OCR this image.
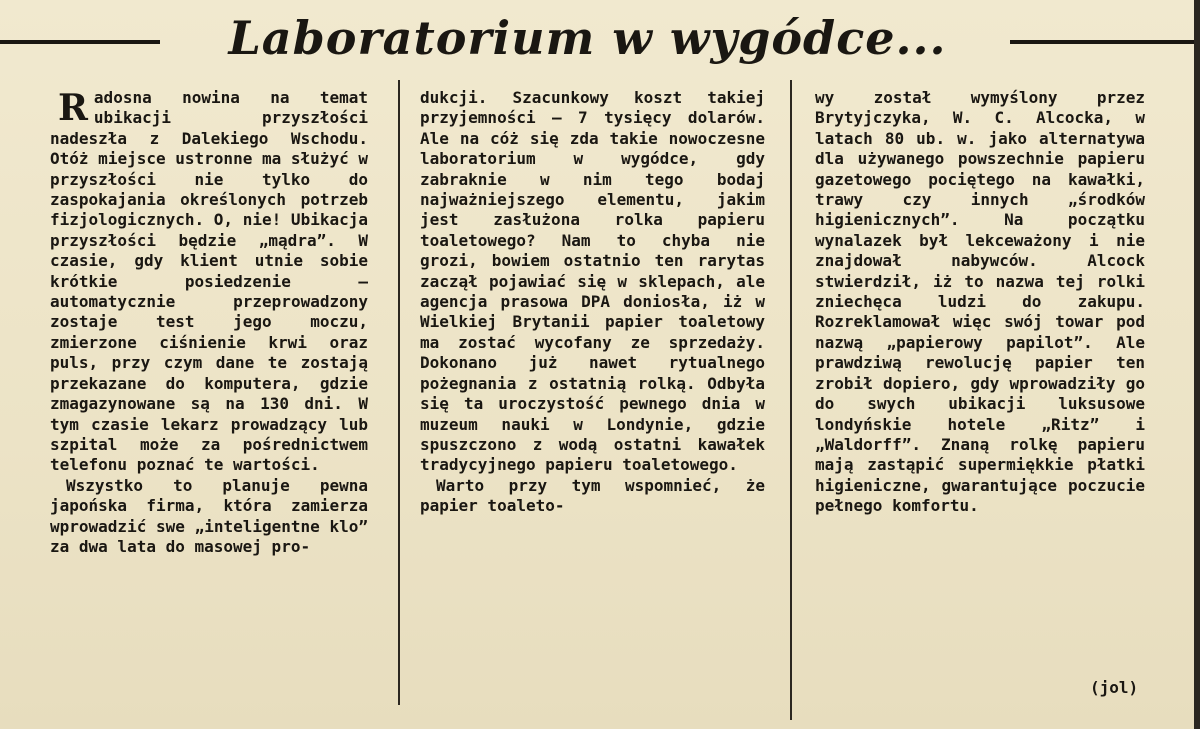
Laboratorium w wygódce...

Radosna nowina na temat ubikacji przyszłości nadeszła z Dalekiego Wschodu. Otóż miejsce ustronne ma służyć w przyszłości nie tylko do zaspokajania określonych potrzeb fizjologicznych. O, nie! Ubikacja przyszłości będzie „mądra”. W czasie, gdy klient utnie sobie krótkie posiedzenie — automatycznie przeprowadzony zostaje test jego moczu, zmierzone ciśnienie krwi oraz puls, przy czym dane te zostają przekazane do komputera, gdzie zmagazynowane są na 130 dni. W tym czasie lekarz prowadzący lub szpital może za pośrednictwem telefonu poznać te wartości.

Wszystko to planuje pewna japońska firma, która zamierza wprowadzić swe „inteligentne klo” za dwa lata do masowej pro-

dukcji. Szacunkowy koszt takiej przyjemności — 7 tysięcy dolarów. Ale na cóż się zda takie nowoczesne laboratorium w wygódce, gdy zabraknie w nim tego bodaj najważniejszego elementu, jakim jest zasłużona rolka papieru toaletowego? Nam to chyba nie grozi, bowiem ostatnio ten rarytas zaczął pojawiać się w sklepach, ale agencja prasowa DPA doniosła, iż w Wielkiej Brytanii papier toaletowy ma zostać wycofany ze sprzedaży. Dokonano już nawet rytualnego pożegnania z ostatnią rolką. Odbyła się ta uroczystość pewnego dnia w muzeum nauki w Londynie, gdzie spuszczono z wodą ostatni kawałek tradycyjnego papieru toaletowego.

Warto przy tym wspomnieć, że papier toaleto-

wy został wymyślony przez Brytyjczyka, W. C. Alcocka, w latach 80 ub. w. jako alternatywa dla używanego powszechnie papieru gazetowego pociętego na kawałki, trawy czy innych „środków higienicznych”. Na początku wynalazek był lekceważony i nie znajdował nabywców. Alcock stwierdził, iż to nazwa tej rolki zniechęca ludzi do zakupu. Rozreklamował więc swój towar pod nazwą „papierowy papilot”. Ale prawdziwą rewolucję papier ten zrobił dopiero, gdy wprowadziły go do swych ubikacji luksusowe londyńskie hotele „Ritz” i „Waldorff”. Znaną rolkę papieru mają zastąpić supermiękkie płatki higieniczne, gwarantujące poczucie pełnego komfortu.

(jol)
